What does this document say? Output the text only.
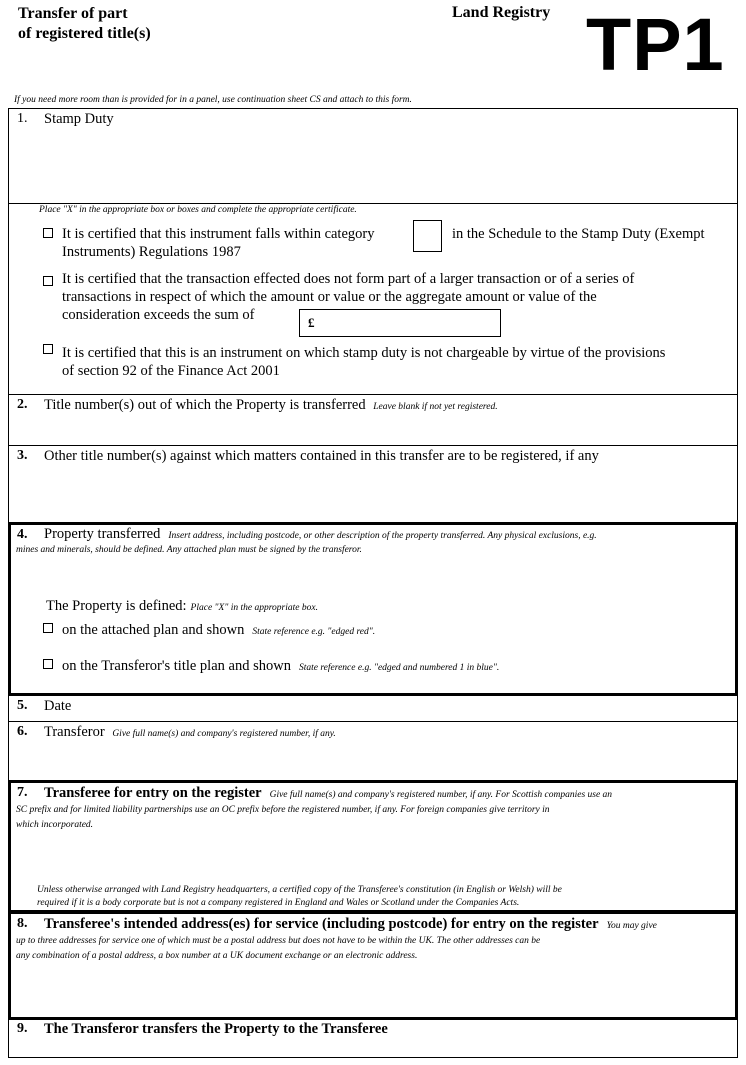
Transfer of part
of registered title(s)
Land Registry TP1
If you need more room than is provided for in a panel, use continuation sheet CS and attach to this form.
1. Stamp Duty
Place "X" in the appropriate box or boxes and complete the appropriate certificate.
It is certified that this instrument falls within category	in the Schedule to the Stamp Duty (Exempt

Instruments) Regulations 1987
It is certified that the transaction effected does not form part of a larger transaction or of a series of
transactions in respect of which the amount or value or the aggregate amount or value of the
consideration exceeds the sum of	£
It is certified that this is an instrument on which stamp duty is not chargeable by virtue of the provisions
of section 92 of the Finance Act 2001
2. Title number(s) out of which the Property is transferred Leave blank if not yet registered.
3. Other title number(s) against which matters contained in this transfer are to be registered, if any
4. Property transferred Insert address, including postcode, or other description of the property transferred. Any physical exclusions, e.g.
mines and minerals, should be defined. Any attached plan must be signed by the transferor.
The Property is defined: Place "X" in the appropriate box.
on the attached plan and shown State reference e.g. "edged red".
on the Transferor's title plan and shown State reference e.g. "edged and numbered 1 in blue".
5. Date
6. Transferor Give full name(s) and company's registered number, if any.
7. Transferee for entry on the register Give full name(s) and company's registered number, if any. For Scottish companies use an
SC prefix and for limited liability partnerships use an OC prefix before the registered number, if any. For foreign companies give territory in
which incorporated.
Unless otherwise arranged with Land Registry headquarters, a certified copy of the Transferee's constitution (in English or Welsh) will be
required if it is a body corporate but is not a company registered in England and Wales or Scotland under the Companies Acts.
8. Transferee's intended address(es) for service (including postcode) for entry on the register You may give
up to three addresses for service one of which must be a postal address but does not have to be within the UK. The other addresses can be
any combination of a postal address, a box number at a UK document exchange or an electronic address.
9. The Transferor transfers the Property to the Transferee
